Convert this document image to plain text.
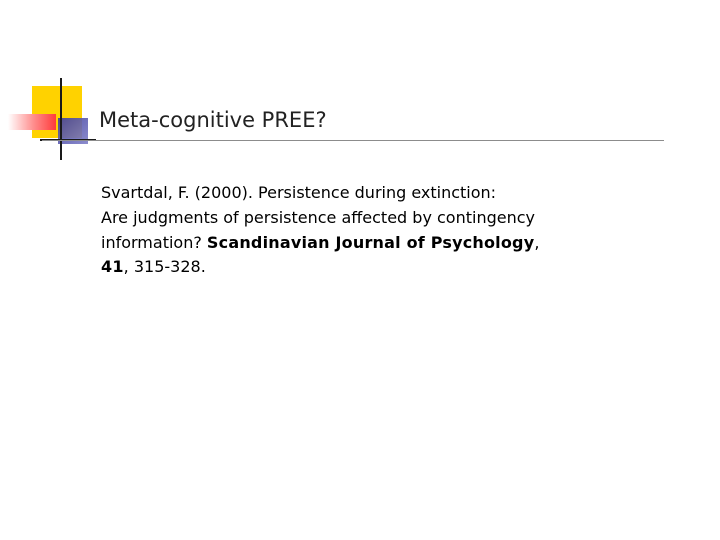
Meta-cognitive PREE?
Svartdal, F. (2000). Persistence during extinction:
Are judgments of persistence affected by contingency
information? Scandinavian Journal of Psychology,
41, 315-328.
